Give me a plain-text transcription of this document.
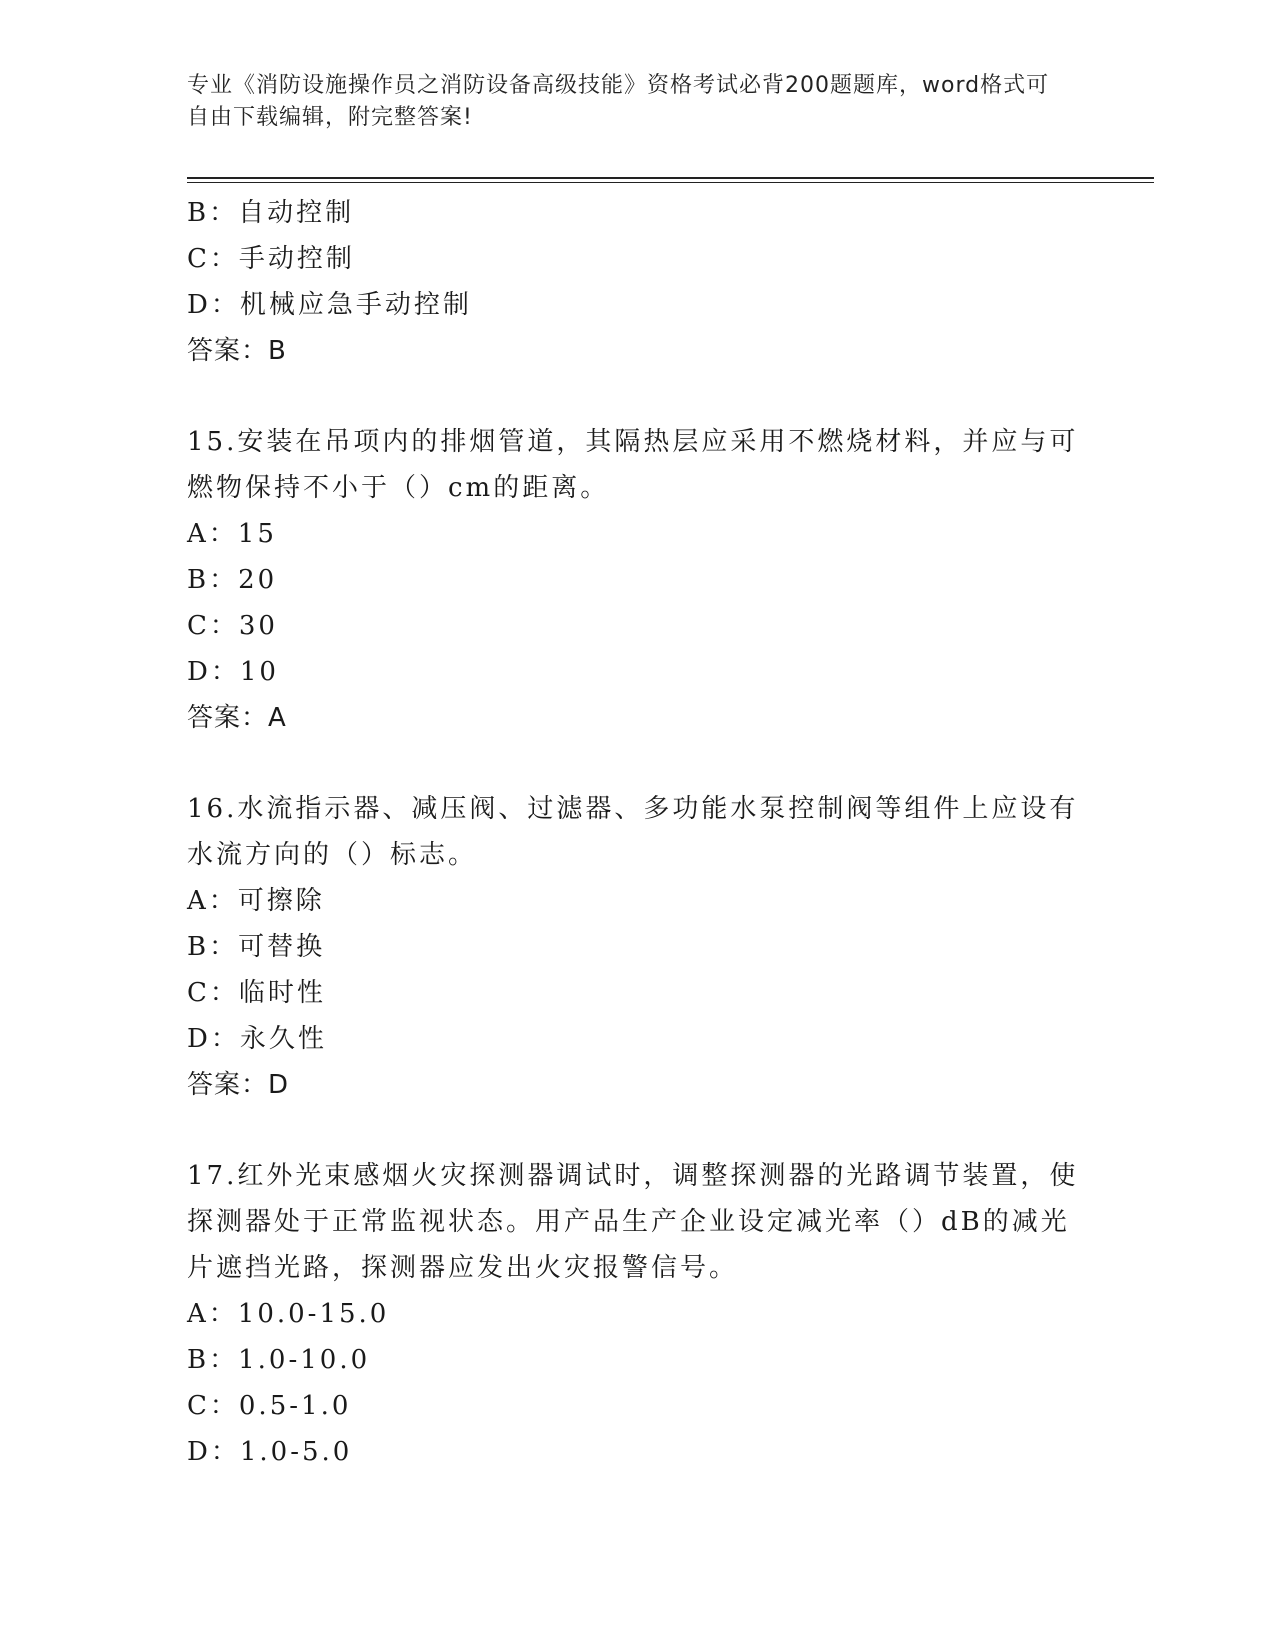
专业《消防设施操作员之消防设备高级技能》资格考试必背200题题库，word格式可自由下载编辑，附完整答案!
B：自动控制
C：手动控制
D：机械应急手动控制
答案：B
15.安装在吊项内的排烟管道，其隔热层应采用不燃烧材料，并应与可燃物保持不小于（）cm的距离。
A：15
B：20
C：30
D：10
答案：A
16.水流指示器、减压阀、过滤器、多功能水泵控制阀等组件上应设有水流方向的（）标志。
A：可擦除
B：可替换
C：临时性
D：永久性
答案：D
17.红外光束感烟火灾探测器调试时，调整探测器的光路调节装置，使探测器处于正常监视状态。用产品生产企业设定减光率（）dB的减光片遮挡光路，探测器应发出火灾报警信号。
A：10.0-15.0
B：1.0-10.0
C：0.5-1.0
D：1.0-5.0
